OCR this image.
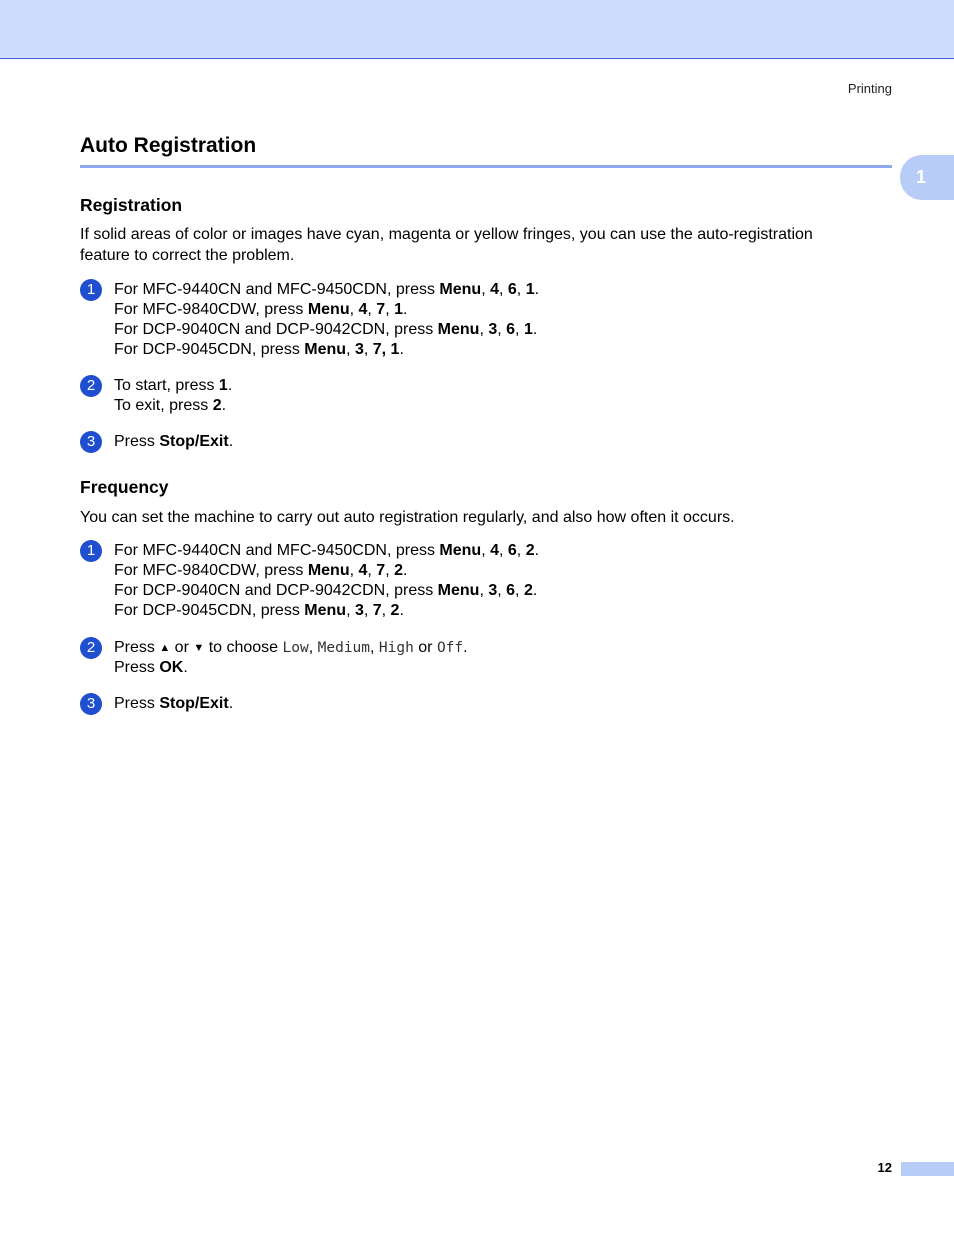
Printing
Auto Registration
1
Registration

If solid areas of color or images have cyan, magenta or yellow fringes, you can use the auto-registration
feature to correct the problem.

1	For MFC-9440CN and MFC-9450CDN, press Menu, 4, 6, 1.
For MFC-9840CDW, press Menu, 4, 7, 1.
For DCP-9040CN and DCP-9042CDN, press Menu, 3, 6, 1.
For DCP-9045CDN, press Menu, 3, 7, 1.
2	To start, press 1.
To exit, press 2.
3	Press Stop/Exit.
Frequency

You can set the machine to carry out auto registration regularly, and also how often it occurs.

1	For MFC-9440CN and MFC-9450CDN, press Menu, 4, 6, 2.
For MFC-9840CDW, press Menu, 4, 7, 2.
For DCP-9040CN and DCP-9042CDN, press Menu, 3, 6, 2.
For DCP-9045CDN, press Menu, 3, 7, 2.
2	Press ▲ or ▼ to choose Low, Medium, High or Off.
Press OK.
3	Press Stop/Exit.
12
